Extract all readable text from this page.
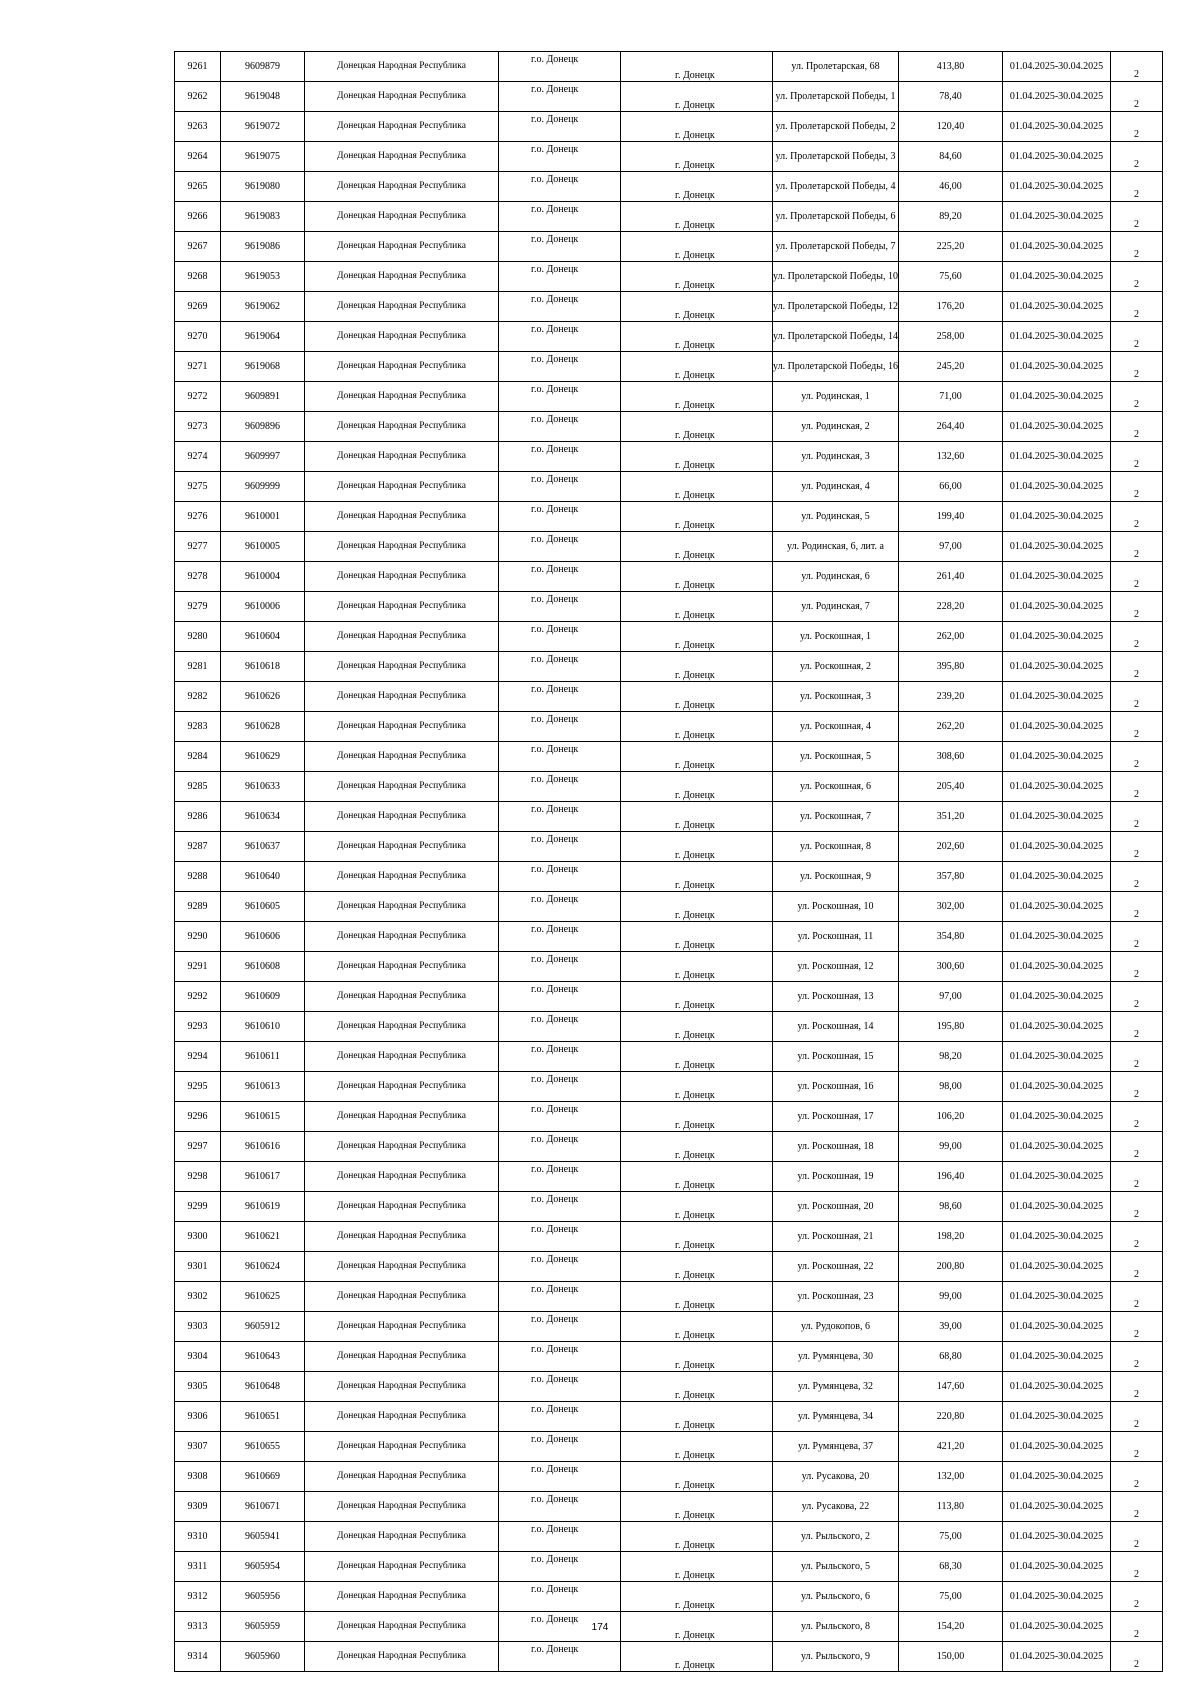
9261	9609879	Донецкая Народная Республика	г.о. Донецк	г. Донецк	ул. Пролетарская, 68	413,80	01.04.2025-30.04.2025	2
9262	9619048	Донецкая Народная Республика	г.о. Донецк	г. Донецк	ул. Пролетарской Победы, 1	78,40	01.04.2025-30.04.2025	2
9263	9619072	Донецкая Народная Республика	г.о. Донецк	г. Донецк	ул. Пролетарской Победы, 2	120,40	01.04.2025-30.04.2025	2
9264	9619075	Донецкая Народная Республика	г.о. Донецк	г. Донецк	ул. Пролетарской Победы, 3	84,60	01.04.2025-30.04.2025	2
9265	9619080	Донецкая Народная Республика	г.о. Донецк	г. Донецк	ул. Пролетарской Победы, 4	46,00	01.04.2025-30.04.2025	2
9266	9619083	Донецкая Народная Республика	г.о. Донецк	г. Донецк	ул. Пролетарской Победы, 6	89,20	01.04.2025-30.04.2025	2
9267	9619086	Донецкая Народная Республика	г.о. Донецк	г. Донецк	ул. Пролетарской Победы, 7	225,20	01.04.2025-30.04.2025	2
9268	9619053	Донецкая Народная Республика	г.о. Донецк	г. Донецк	ул. Пролетарской Победы, 10	75,60	01.04.2025-30.04.2025	2
9269	9619062	Донецкая Народная Республика	г.о. Донецк	г. Донецк	ул. Пролетарской Победы, 12	176,20	01.04.2025-30.04.2025	2
9270	9619064	Донецкая Народная Республика	г.о. Донецк	г. Донецк	ул. Пролетарской Победы, 14	258,00	01.04.2025-30.04.2025	2
9271	9619068	Донецкая Народная Республика	г.о. Донецк	г. Донецк	ул. Пролетарской Победы, 16	245,20	01.04.2025-30.04.2025	2
9272	9609891	Донецкая Народная Республика	г.о. Донецк	г. Донецк	ул. Родинская, 1	71,00	01.04.2025-30.04.2025	2
9273	9609896	Донецкая Народная Республика	г.о. Донецк	г. Донецк	ул. Родинская, 2	264,40	01.04.2025-30.04.2025	2
9274	9609997	Донецкая Народная Республика	г.о. Донецк	г. Донецк	ул. Родинская, 3	132,60	01.04.2025-30.04.2025	2
9275	9609999	Донецкая Народная Республика	г.о. Донецк	г. Донецк	ул. Родинская, 4	66,00	01.04.2025-30.04.2025	2
9276	9610001	Донецкая Народная Республика	г.о. Донецк	г. Донецк	ул. Родинская, 5	199,40	01.04.2025-30.04.2025	2
9277	9610005	Донецкая Народная Республика	г.о. Донецк	г. Донецк	ул. Родинская, 6, лит. а	97,00	01.04.2025-30.04.2025	2
9278	9610004	Донецкая Народная Республика	г.о. Донецк	г. Донецк	ул. Родинская, 6	261,40	01.04.2025-30.04.2025	2
9279	9610006	Донецкая Народная Республика	г.о. Донецк	г. Донецк	ул. Родинская, 7	228,20	01.04.2025-30.04.2025	2
9280	9610604	Донецкая Народная Республика	г.о. Донецк	г. Донецк	ул. Роскошная, 1	262,00	01.04.2025-30.04.2025	2
9281	9610618	Донецкая Народная Республика	г.о. Донецк	г. Донецк	ул. Роскошная, 2	395,80	01.04.2025-30.04.2025	2
9282	9610626	Донецкая Народная Республика	г.о. Донецк	г. Донецк	ул. Роскошная, 3	239,20	01.04.2025-30.04.2025	2
9283	9610628	Донецкая Народная Республика	г.о. Донецк	г. Донецк	ул. Роскошная, 4	262,20	01.04.2025-30.04.2025	2
9284	9610629	Донецкая Народная Республика	г.о. Донецк	г. Донецк	ул. Роскошная, 5	308,60	01.04.2025-30.04.2025	2
9285	9610633	Донецкая Народная Республика	г.о. Донецк	г. Донецк	ул. Роскошная, 6	205,40	01.04.2025-30.04.2025	2
9286	9610634	Донецкая Народная Республика	г.о. Донецк	г. Донецк	ул. Роскошная, 7	351,20	01.04.2025-30.04.2025	2
9287	9610637	Донецкая Народная Республика	г.о. Донецк	г. Донецк	ул. Роскошная, 8	202,60	01.04.2025-30.04.2025	2
9288	9610640	Донецкая Народная Республика	г.о. Донецк	г. Донецк	ул. Роскошная, 9	357,80	01.04.2025-30.04.2025	2
9289	9610605	Донецкая Народная Республика	г.о. Донецк	г. Донецк	ул. Роскошная, 10	302,00	01.04.2025-30.04.2025	2
9290	9610606	Донецкая Народная Республика	г.о. Донецк	г. Донецк	ул. Роскошная, 11	354,80	01.04.2025-30.04.2025	2
9291	9610608	Донецкая Народная Республика	г.о. Донецк	г. Донецк	ул. Роскошная, 12	300,60	01.04.2025-30.04.2025	2
9292	9610609	Донецкая Народная Республика	г.о. Донецк	г. Донецк	ул. Роскошная, 13	97,00	01.04.2025-30.04.2025	2
9293	9610610	Донецкая Народная Республика	г.о. Донецк	г. Донецк	ул. Роскошная, 14	195,80	01.04.2025-30.04.2025	2
9294	9610611	Донецкая Народная Республика	г.о. Донецк	г. Донецк	ул. Роскошная, 15	98,20	01.04.2025-30.04.2025	2
9295	9610613	Донецкая Народная Республика	г.о. Донецк	г. Донецк	ул. Роскошная, 16	98,00	01.04.2025-30.04.2025	2
9296	9610615	Донецкая Народная Республика	г.о. Донецк	г. Донецк	ул. Роскошная, 17	106,20	01.04.2025-30.04.2025	2
9297	9610616	Донецкая Народная Республика	г.о. Донецк	г. Донецк	ул. Роскошная, 18	99,00	01.04.2025-30.04.2025	2
9298	9610617	Донецкая Народная Республика	г.о. Донецк	г. Донецк	ул. Роскошная, 19	196,40	01.04.2025-30.04.2025	2
9299	9610619	Донецкая Народная Республика	г.о. Донецк	г. Донецк	ул. Роскошная, 20	98,60	01.04.2025-30.04.2025	2
9300	9610621	Донецкая Народная Республика	г.о. Донецк	г. Донецк	ул. Роскошная, 21	198,20	01.04.2025-30.04.2025	2
9301	9610624	Донецкая Народная Республика	г.о. Донецк	г. Донецк	ул. Роскошная, 22	200,80	01.04.2025-30.04.2025	2
9302	9610625	Донецкая Народная Республика	г.о. Донецк	г. Донецк	ул. Роскошная, 23	99,00	01.04.2025-30.04.2025	2
9303	9605912	Донецкая Народная Республика	г.о. Донецк	г. Донецк	ул. Рудокопов, 6	39,00	01.04.2025-30.04.2025	2
9304	9610643	Донецкая Народная Республика	г.о. Донецк	г. Донецк	ул. Румянцева, 30	68,80	01.04.2025-30.04.2025	2
9305	9610648	Донецкая Народная Республика	г.о. Донецк	г. Донецк	ул. Румянцева, 32	147,60	01.04.2025-30.04.2025	2
9306	9610651	Донецкая Народная Республика	г.о. Донецк	г. Донецк	ул. Румянцева, 34	220,80	01.04.2025-30.04.2025	2
9307	9610655	Донецкая Народная Республика	г.о. Донецк	г. Донецк	ул. Румянцева, 37	421,20	01.04.2025-30.04.2025	2
9308	9610669	Донецкая Народная Республика	г.о. Донецк	г. Донецк	ул. Русакова, 20	132,00	01.04.2025-30.04.2025	2
9309	9610671	Донецкая Народная Республика	г.о. Донецк	г. Донецк	ул. Русакова, 22	113,80	01.04.2025-30.04.2025	2
9310	9605941	Донецкая Народная Республика	г.о. Донецк	г. Донецк	ул. Рыльского, 2	75,00	01.04.2025-30.04.2025	2
9311	9605954	Донецкая Народная Республика	г.о. Донецк	г. Донецк	ул. Рыльского, 5	68,30	01.04.2025-30.04.2025	2
9312	9605956	Донецкая Народная Республика	г.о. Донецк	г. Донецк	ул. Рыльского, 6	75,00	01.04.2025-30.04.2025	2
9313	9605959	Донецкая Народная Республика	г.о. Донецк	г. Донецк	ул. Рыльского, 8	154,20	01.04.2025-30.04.2025	2
9314	9605960	Донецкая Народная Республика	г.о. Донецк	г. Донецк	ул. Рыльского, 9	150,00	01.04.2025-30.04.2025	2
174
